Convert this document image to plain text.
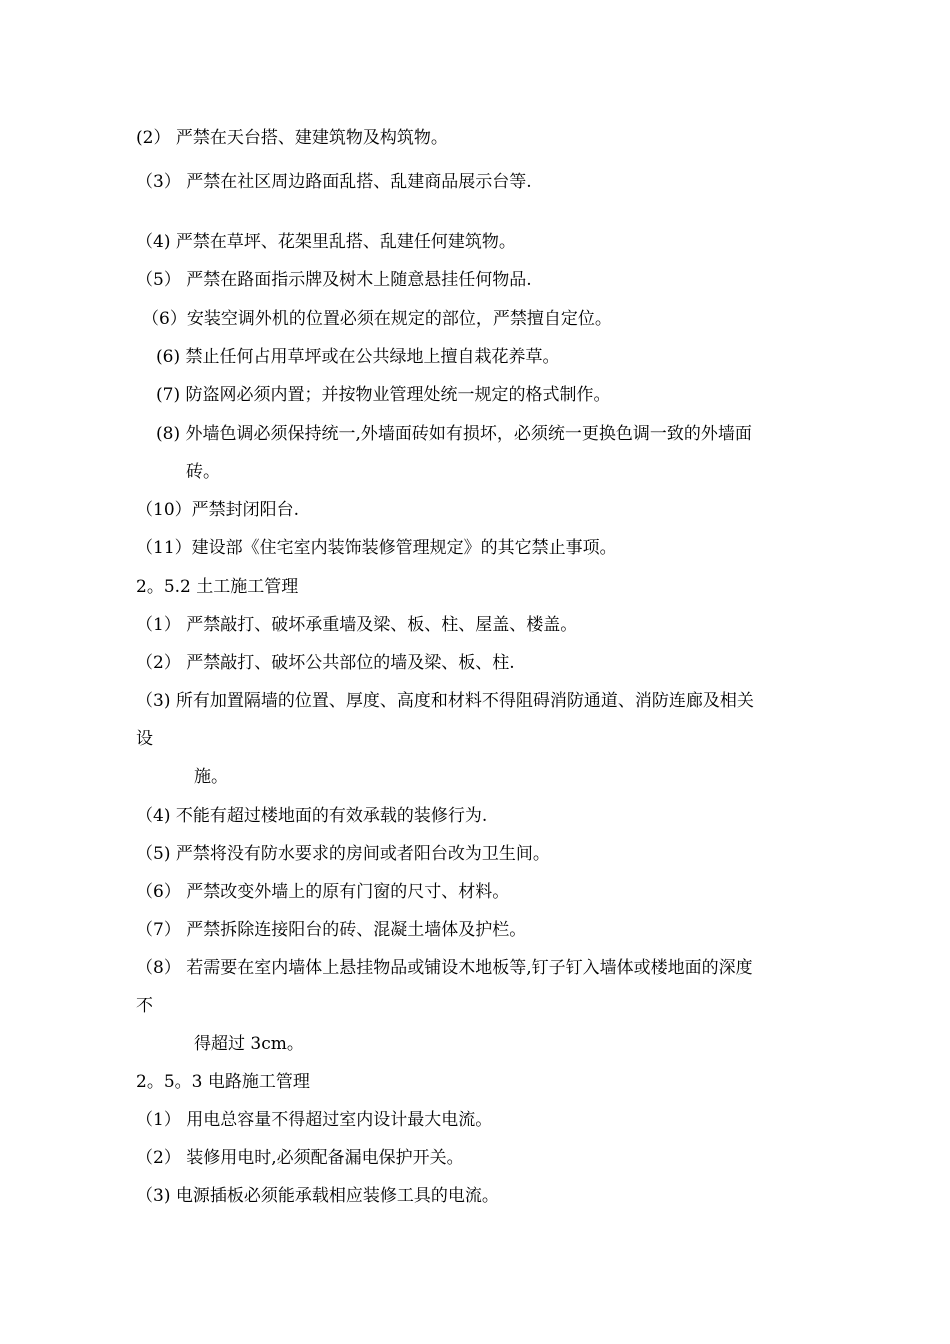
(2） 严禁在天台搭、建建筑物及构筑物。
（3） 严禁在社区周边路面乱搭、乱建商品展示台等.
（4) 严禁在草坪、花架里乱搭、乱建任何建筑物。
（5） 严禁在路面指示牌及树木上随意悬挂任何物品.
（6）安装空调外机的位置必须在规定的部位，严禁擅自定位。
(6) 禁止任何占用草坪或在公共绿地上擅自栽花养草。
(7) 防盗网必须内置；并按物业管理处统一规定的格式制作。
(8) 外墙色调必须保持统一,外墙面砖如有损坏，必须统一更换色调一致的外墙面
砖。
（10）严禁封闭阳台.
（11）建设部《住宅室内装饰装修管理规定》的其它禁止事项。
2。5.2 土工施工管理
（1） 严禁敲打、破坏承重墙及梁、板、柱、屋盖、楼盖。
（2） 严禁敲打、破坏公共部位的墙及梁、板、柱.
（3) 所有加置隔墙的位置、厚度、高度和材料不得阻碍消防通道、消防连廊及相关
设
施。
（4) 不能有超过楼地面的有效承载的装修行为.
（5) 严禁将没有防水要求的房间或者阳台改为卫生间。
（6） 严禁改变外墙上的原有门窗的尺寸、材料。
（7） 严禁拆除连接阳台的砖、混凝土墙体及护栏。
（8） 若需要在室内墙体上悬挂物品或铺设木地板等,钉子钉入墙体或楼地面的深度
不
得超过 3cm。
2。5。3 电路施工管理
（1） 用电总容量不得超过室内设计最大电流。
（2） 装修用电时,必须配备漏电保护开关。
（3) 电源插板必须能承载相应装修工具的电流。
